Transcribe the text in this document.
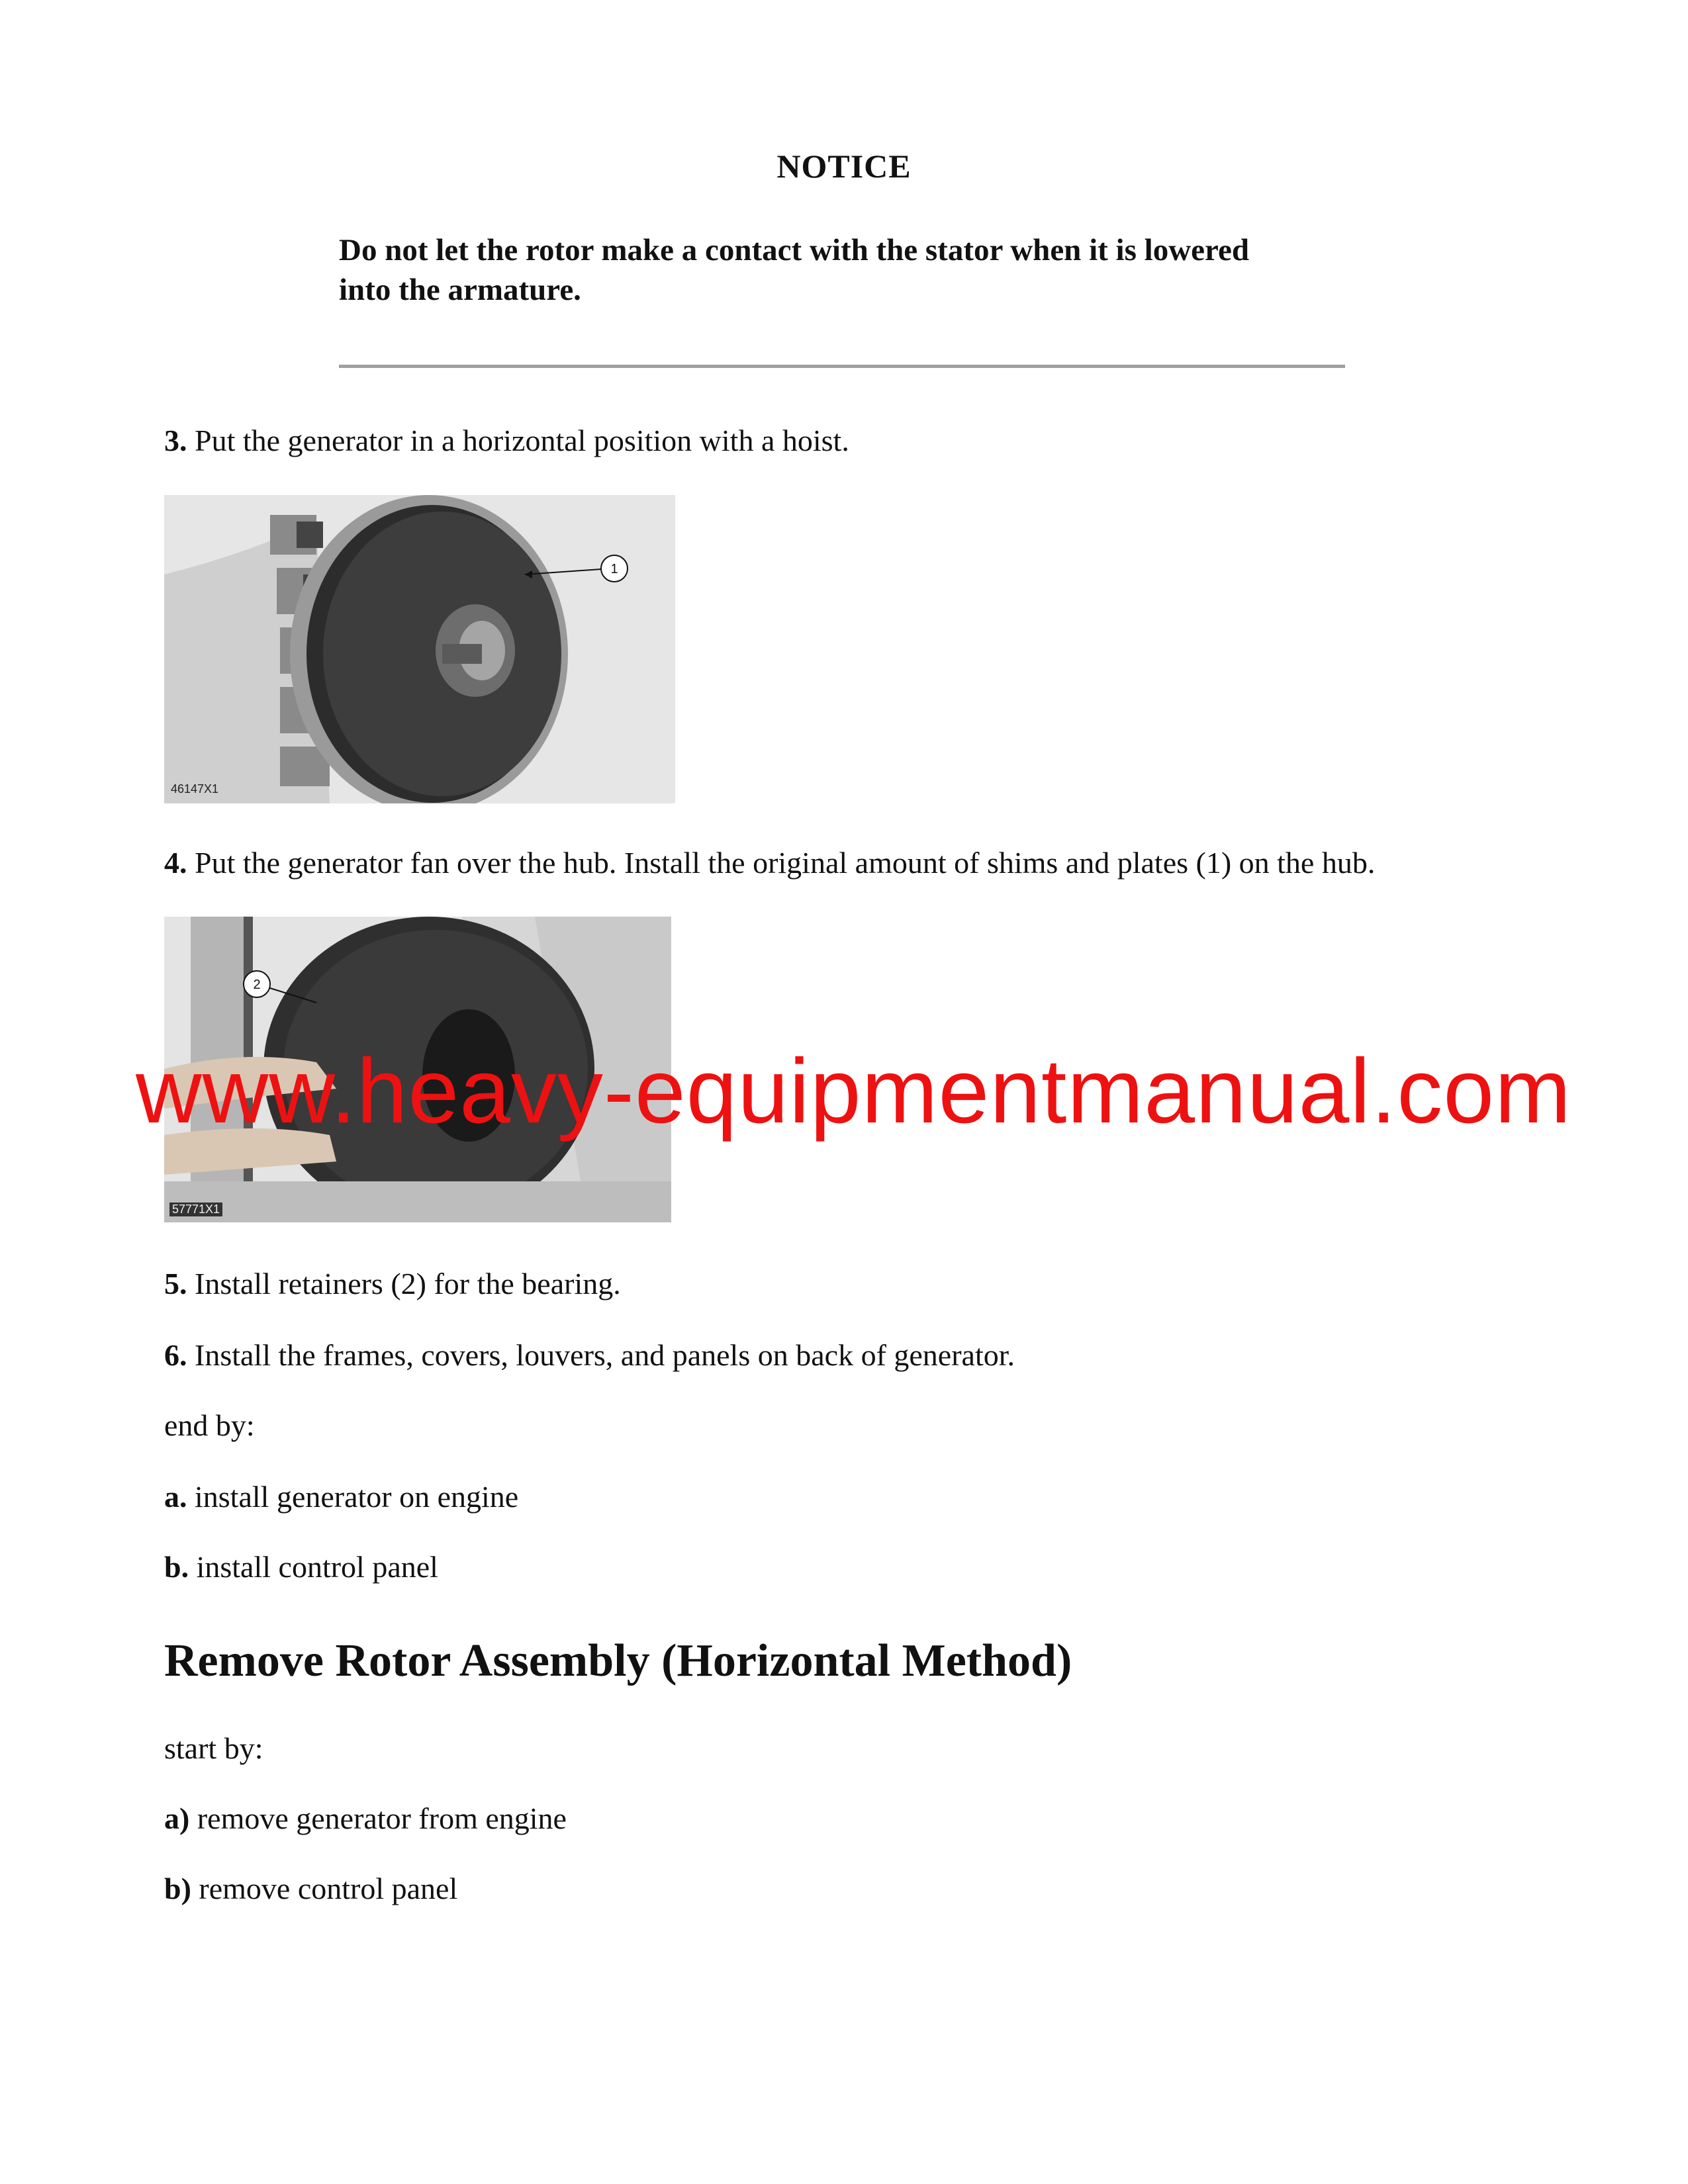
NOTICE
Do not let the rotor make a contact with the stator when it is lowered
into the armature.
3. Put the generator in a horizontal position with a hoist.
1
46147X1
4. Put the generator fan over the hub. Install the original amount of shims and plates (1) on the hub.
2
57771X1
www.heavy-equipmentmanual.com
5. Install retainers (2) for the bearing.
6. Install the frames, covers, louvers, and panels on back of generator.
end by:
a. install generator on engine
b. install control panel
Remove Rotor Assembly (Horizontal Method)
start by:
a) remove generator from engine
b) remove control panel
